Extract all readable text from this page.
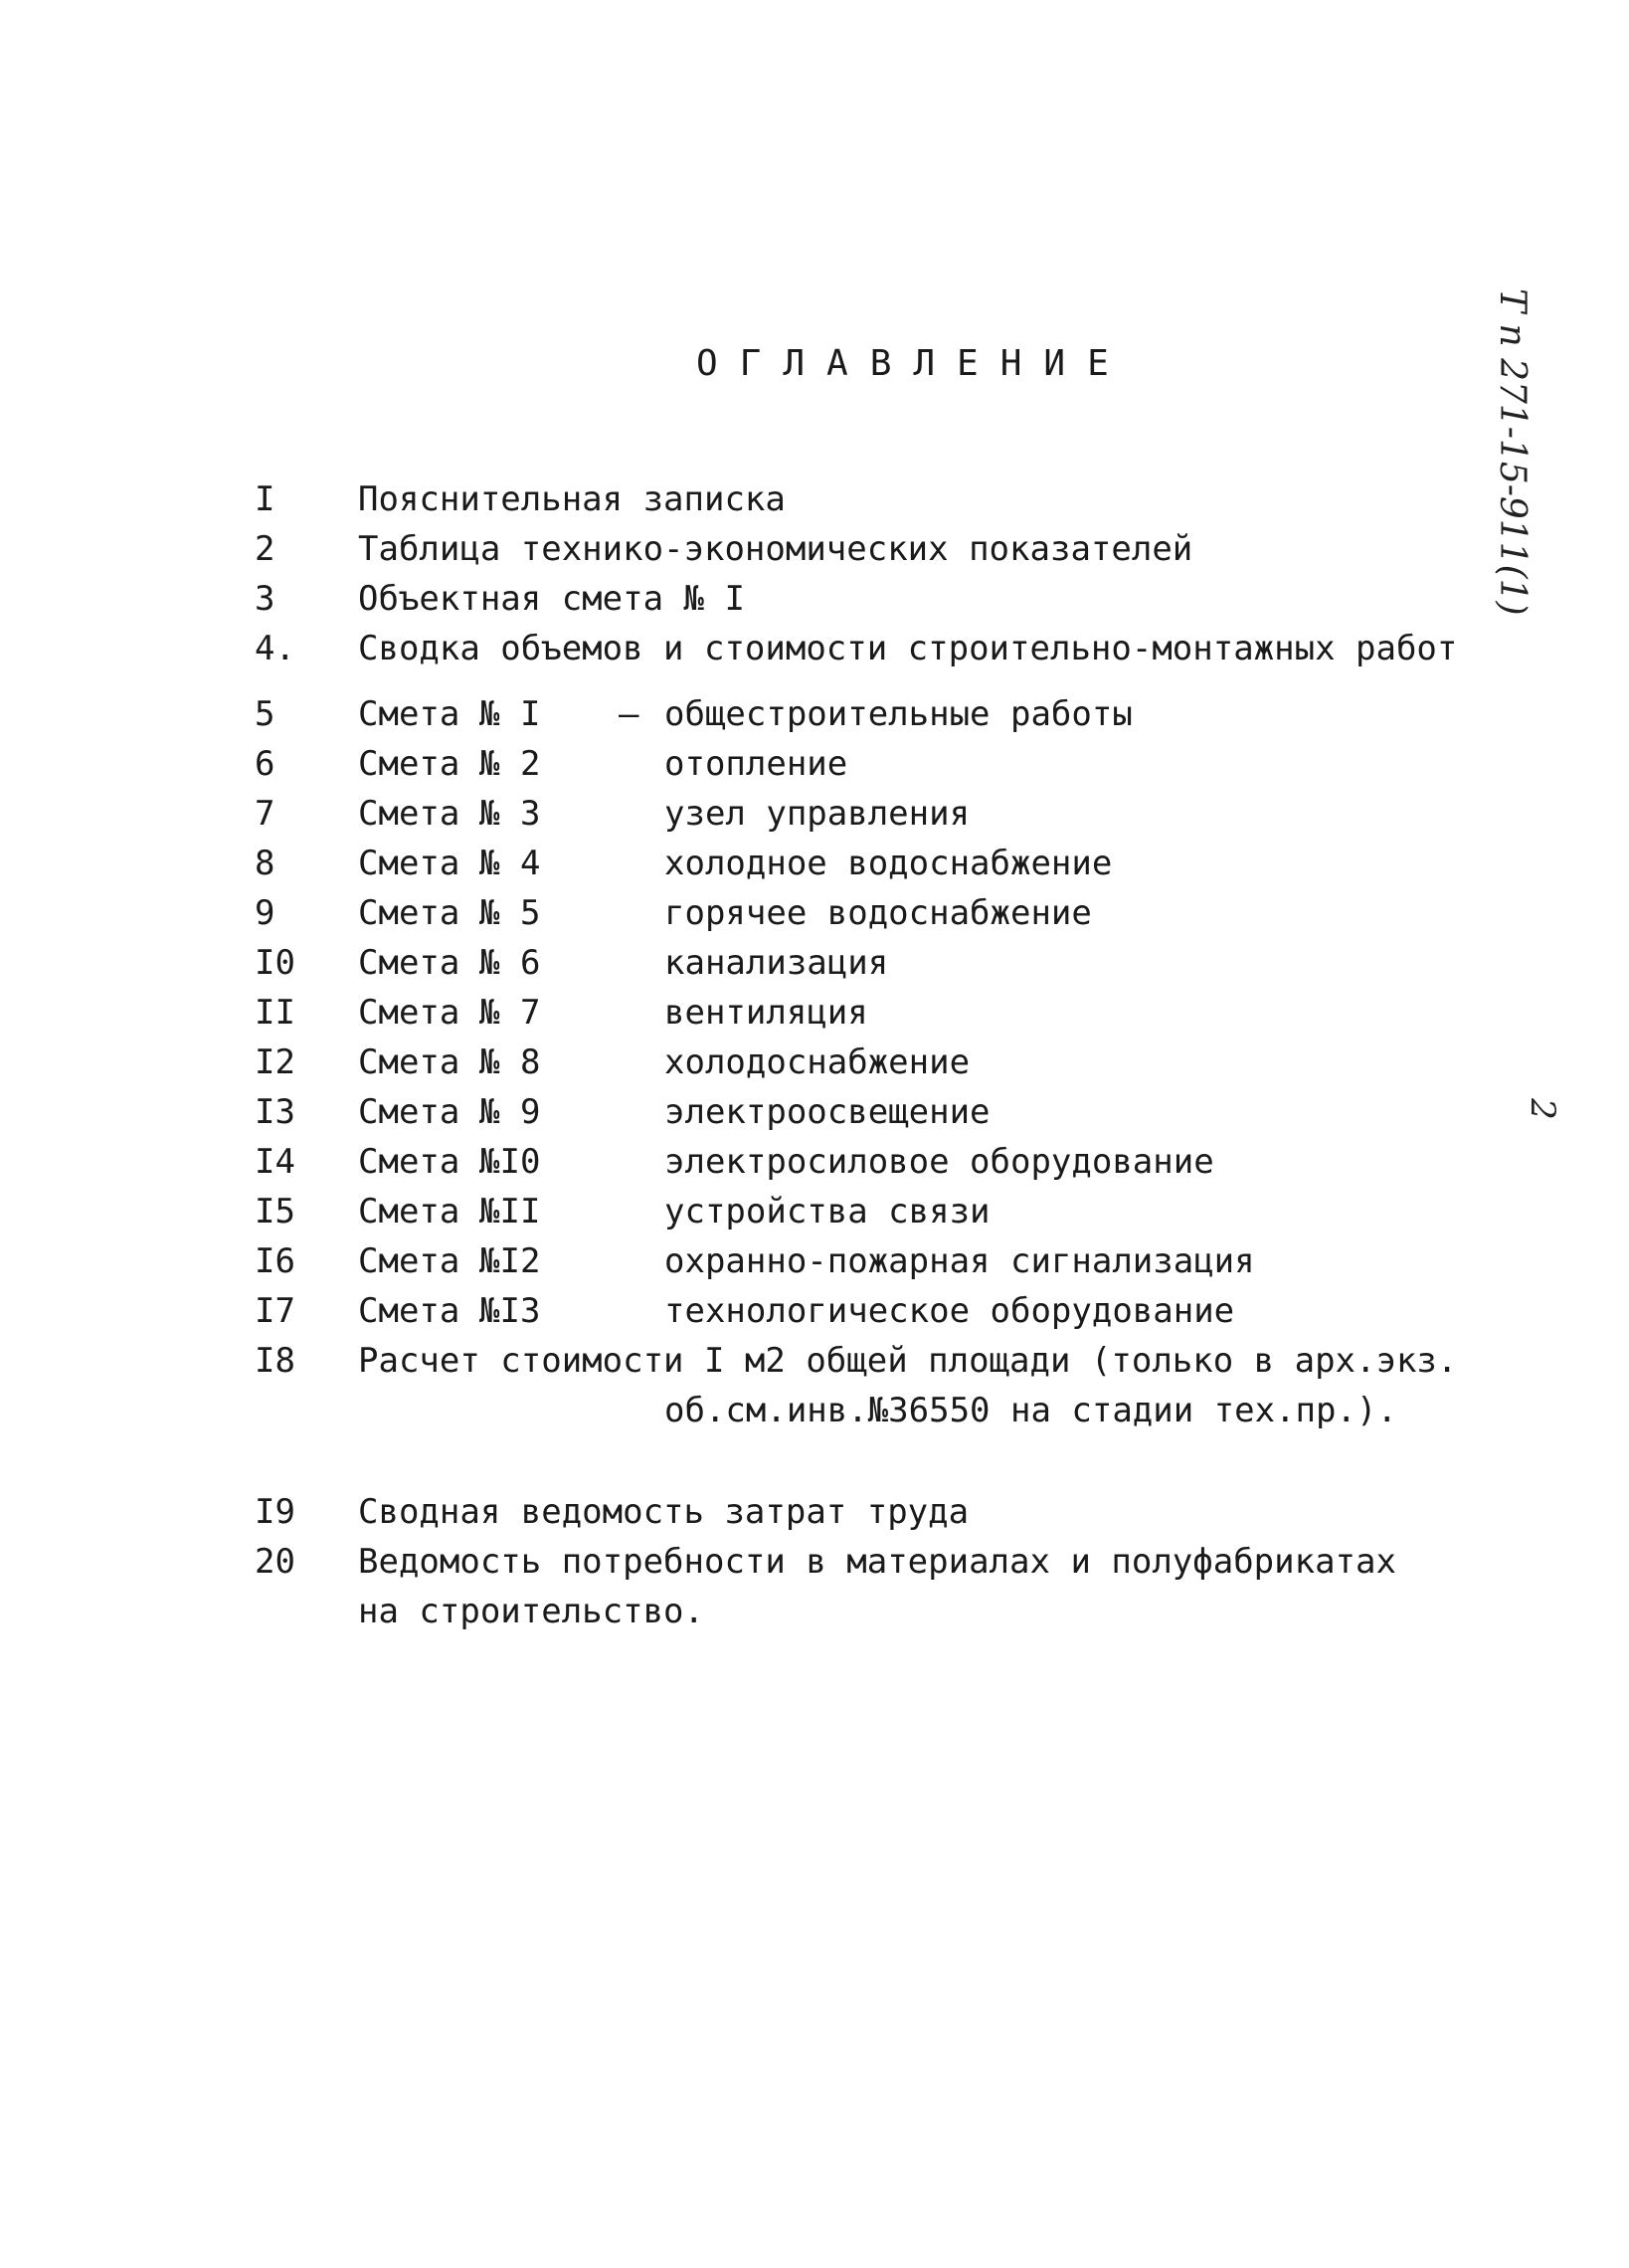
ОГЛАВЛЕНИЕ	Т п 271-15-911(1)
2
I Пояснительная записка
2 Таблица технико-экономических показателей
3 Объектная смета № I
4. Сводка объемов и стоимости строительно-монтажных работ
5 Смета № I – общестроительные работы
6 Смета № 2	отопление
7 Смета № 3	узел управления
8 Смета № 4	холодное водоснабжение
9 Смета № 5	горячее водоснабжение
I0 Смета № 6	канализация
II Смета № 7	вентиляция
I2 Смета № 8	холодоснабжение
I3 Смета № 9	электроосвещение
I4 Смета №I0	электросиловое оборудование
I5 Смета №II	устройства связи
I6 Смета №I2	охранно-пожарная сигнализация
I7 Смета №I3	технологическое оборудование
I8 Расчет стоимости I м2 общей площади (только в арх.экз.
об.см.инв.№36550 на стадии тех.пр.).
I9 Сводная ведомость затрат труда
20 Ведомость потребности в материалах и полуфабрикатах
на строительство.
